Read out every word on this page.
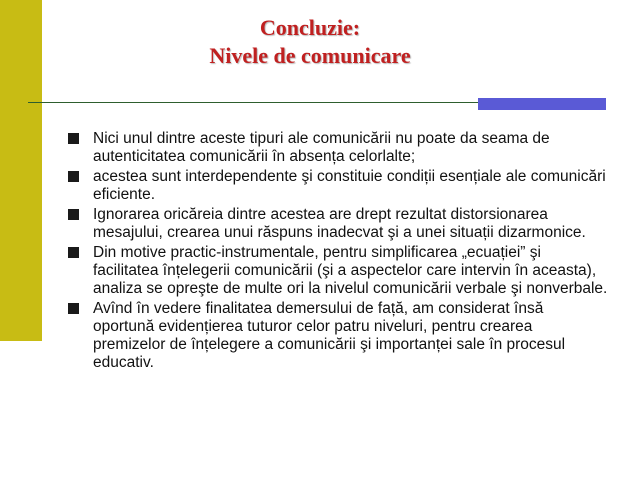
Concluzie:
Nivele de comunicare
Nici unul dintre aceste tipuri ale comunicării nu poate da seama de autenticitatea comunicării în absența celorlalte;
acestea sunt interdependente şi constituie condiții esențiale ale comunicări eficiente.
Ignorarea oricăreia dintre acestea are drept rezultat distorsionarea mesajului, crearea unui răspuns inadecvat şi a unei situații dizarmonice.
Din motive practic-instrumentale, pentru simplificarea „ecuației” şi facilitatea înțelegerii comunicării (şi a aspectelor care intervin în aceasta), analiza se opreşte de multe ori la nivelul comunicării verbale şi nonverbale.
Avînd în vedere finalitatea demersului de față, am considerat însă oportună evidențierea tuturor celor patru niveluri, pentru crearea premizelor de înțelegere a comunicării şi importanței sale în procesul educativ.
